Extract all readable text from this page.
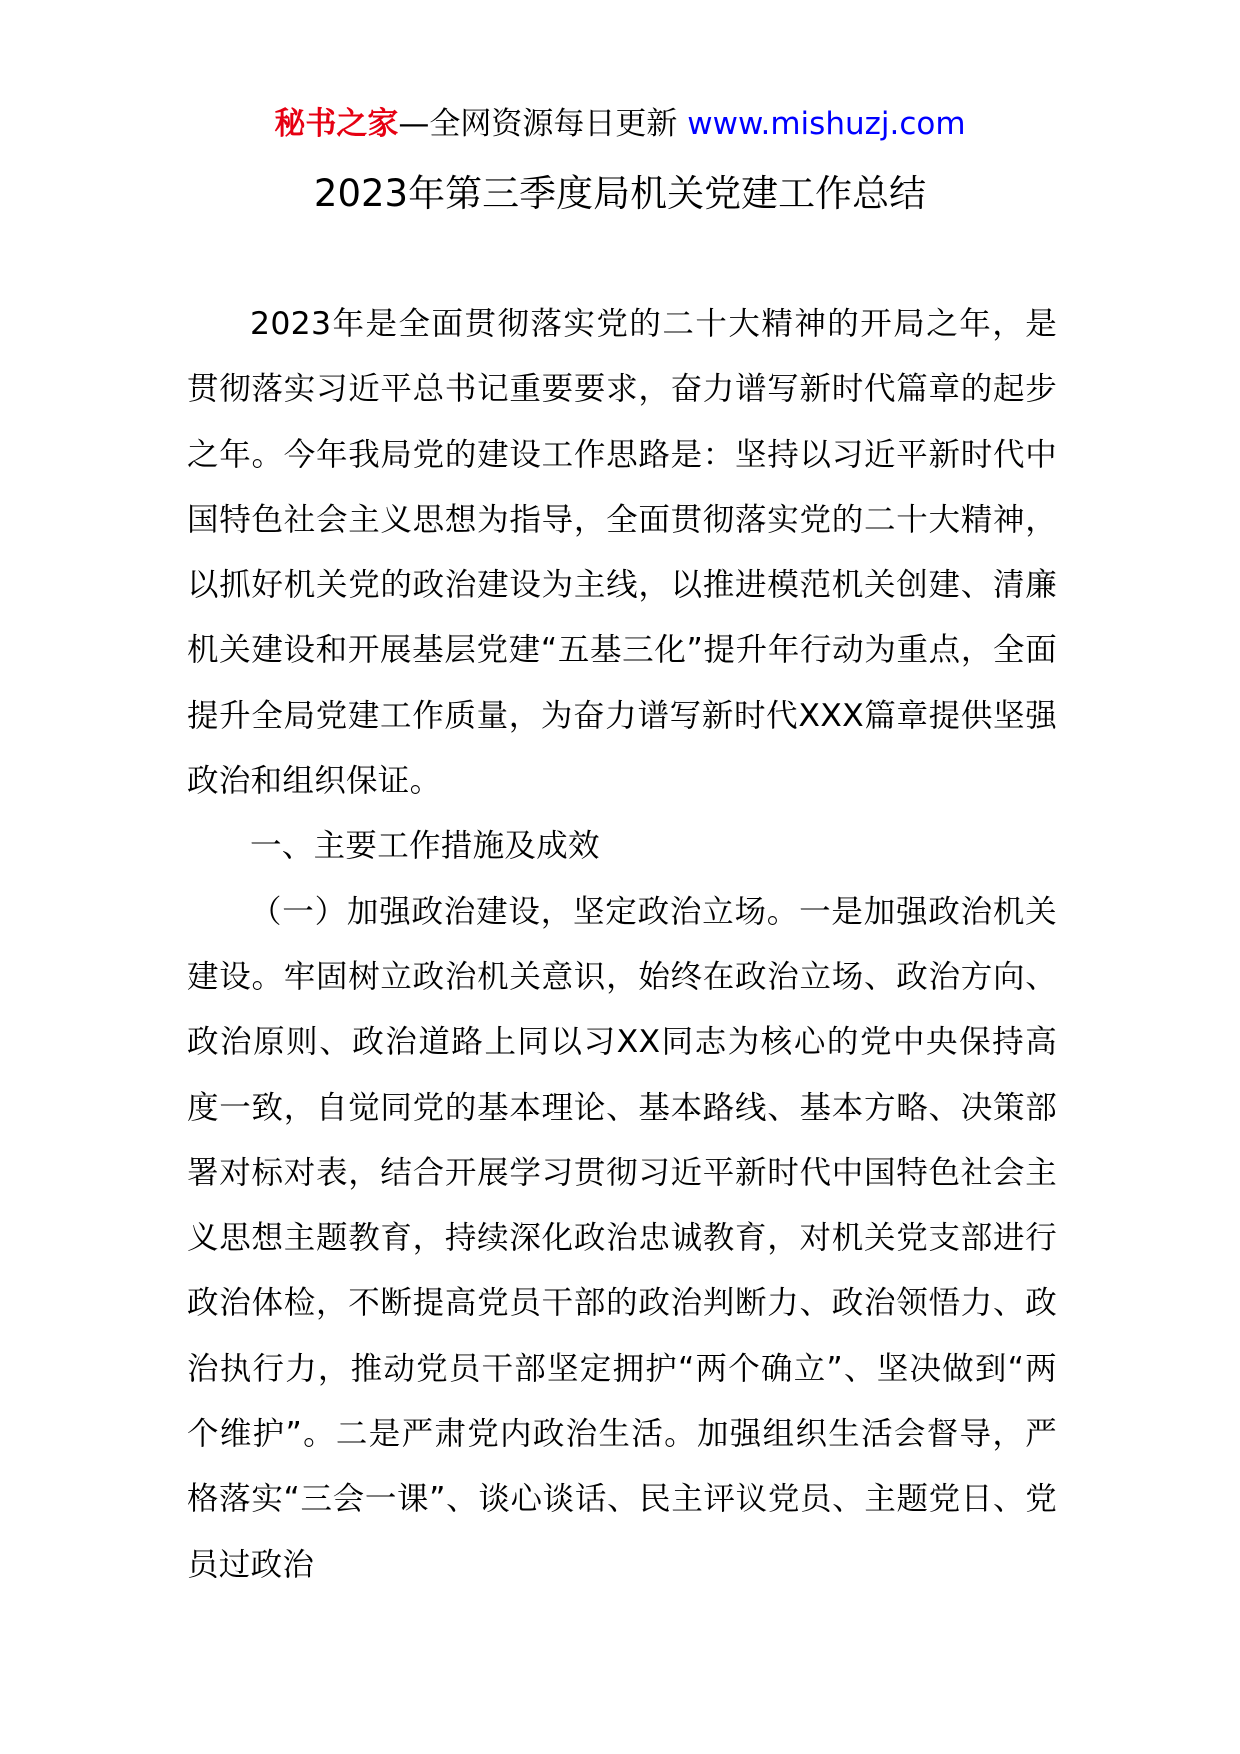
秘书之家—全网资源每日更新 www.mishuzj.com
2023年第三季度局机关党建工作总结

2023年是全面贯彻落实党的二十大精神的开局之年，是贯彻落实习近平总书记重要要求，奋力谱写新时代篇章的起步之年。今年我局党的建设工作思路是：坚持以习近平新时代中国特色社会主义思想为指导，全面贯彻落实党的二十大精神，以抓好机关党的政治建设为主线，以推进模范机关创建、清廉机关建设和开展基层党建“五基三化”提升年行动为重点，全面提升全局党建工作质量，为奋力谱写新时代XXX篇章提供坚强政治和组织保证。

一、主要工作措施及成效

（一）加强政治建设，坚定政治立场。一是加强政治机关建设。牢固树立政治机关意识，始终在政治立场、政治方向、政治原则、政治道路上同以习XX同志为核心的党中央保持高度一致，自觉同党的基本理论、基本路线、基本方略、决策部署对标对表，结合开展学习贯彻习近平新时代中国特色社会主义思想主题教育，持续深化政治忠诚教育，对机关党支部进行政治体检，不断提高党员干部的政治判断力、政治领悟力、政治执行力，推动党员干部坚定拥护“两个确立”、坚决做到“两个维护”。二是严肃党内政治生活。加强组织生活会督导，严格落实“三会一课”、谈心谈话、民主评议党员、主题党日、党员过政治
